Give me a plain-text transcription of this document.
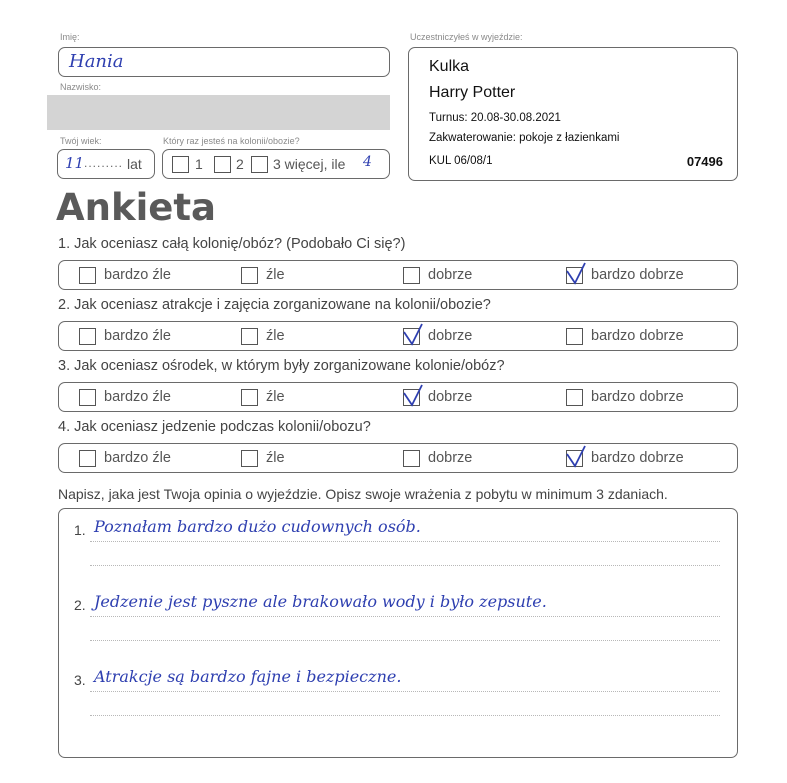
Imię:
Hania
Nazwisko:
Twój wiek:
11 ......... lat
Który raz jesteś na kolonii/obozie?
1 2 3 więcej, ile 4
Uczestniczyłeś w wyjeździe:
Kulka
Harry Potter
Turnus: 20.08-30.08.2021
Zakwaterowanie: pokoje z łazienkami
KUL 06/08/1	07496
Ankieta
1. Jak oceniasz całą kolonię/obóz? (Podobało Ci się?)
bardzo źle	źle	dobrze	bardzo dobrze
2. Jak oceniasz atrakcje i zajęcia zorganizowane na kolonii/obozie?
bardzo źle	źle	dobrze	bardzo dobrze
3. Jak oceniasz ośrodek, w którym były zorganizowane kolonie/obóz?
bardzo źle	źle	dobrze	bardzo dobrze
4. Jak oceniasz jedzenie podczas kolonii/obozu?
bardzo źle	źle	dobrze	bardzo dobrze
Napisz, jaka jest Twoja opinia o wyjeździe. Opisz swoje wrażenia z pobytu w minimum 3 zdaniach.
1. Poznałam bardzo dużo cudownych osób.
2. Jedzenie jest pyszne ale brakowało wody i było zepsute.
3. Atrakcje są bardzo fajne i bezpieczne.
